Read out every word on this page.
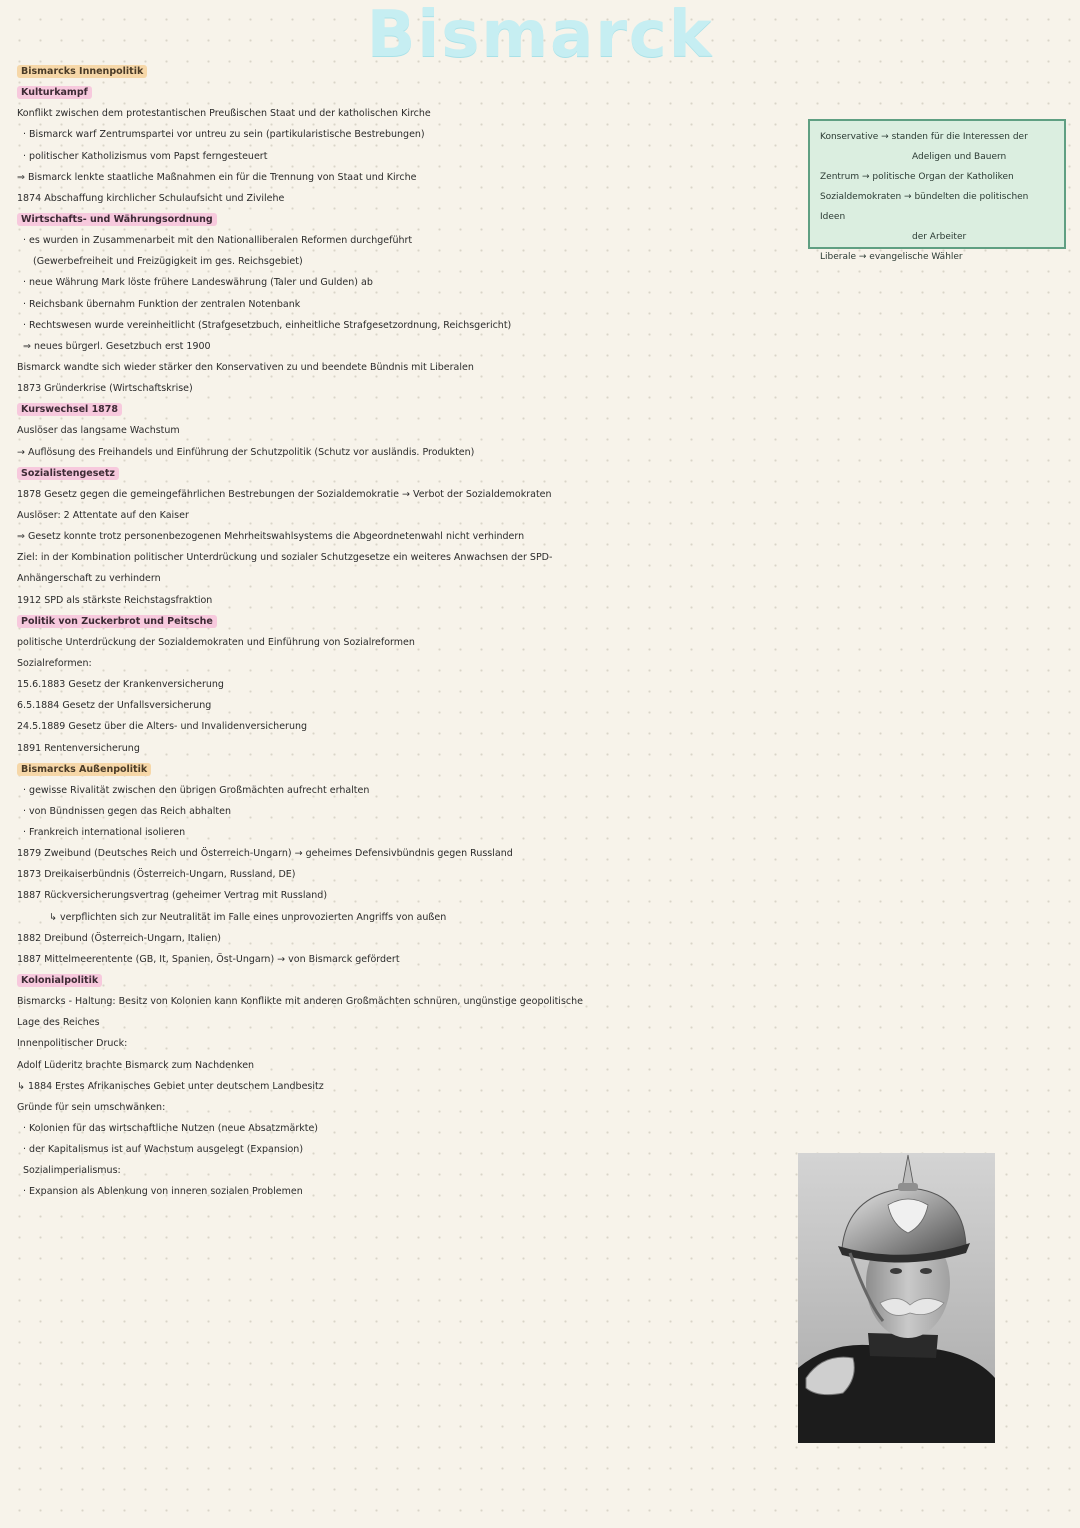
Bismarck
Bismarcks Innenpolitik
Kulturkampf
Konflikt zwischen dem protestantischen Preußischen Staat und der katholischen Kirche
· Bismarck warf Zentrumspartei vor untreu zu sein (partikularistische Bestrebungen)
· politischer Katholizismus vom Papst ferngesteuert
⇒ Bismarck lenkte staatliche Maßnahmen ein für die Trennung von Staat und Kirche
1874 Abschaffung kirchlicher Schulaufsicht und Zivilehe
Wirtschafts- und Währungsordnung
· es wurden in Zusammenarbeit mit den Nationalliberalen Reformen durchgeführt
(Gewerbefreiheit und Freizügigkeit im ges. Reichsgebiet)
· neue Währung Mark löste frühere Landeswährung (Taler und Gulden) ab
· Reichsbank übernahm Funktion der zentralen Notenbank
· Rechtswesen wurde vereinheitlicht (Strafgesetzbuch, einheitliche Strafgesetzordnung, Reichsgericht)
⇒ neues bürgerl. Gesetzbuch erst 1900
Bismarck wandte sich wieder stärker den Konservativen zu und beendete Bündnis mit Liberalen
1873 Gründerkrise (Wirtschaftskrise)
Kurswechsel 1878
Auslöser das langsame Wachstum
→ Auflösung des Freihandels und Einführung der Schutzpolitik (Schutz vor ausländis. Produkten)
Sozialistengesetz
1878 Gesetz gegen die gemeingefährlichen Bestrebungen der Sozialdemokratie → Verbot der Sozialdemokraten
Auslöser: 2 Attentate auf den Kaiser
⇒ Gesetz konnte trotz personenbezogenen Mehrheitswahlsystems die Abgeordnetenwahl nicht verhindern
Ziel: in der Kombination politischer Unterdrückung und sozialer Schutzgesetze ein weiteres Anwachsen der SPD-
Anhängerschaft zu verhindern
1912 SPD als stärkste Reichstagsfraktion
Politik von Zuckerbrot und Peitsche
politische Unterdrückung der Sozialdemokraten und Einführung von Sozialreformen
Sozialreformen:
15.6.1883 Gesetz der Krankenversicherung
6.5.1884 Gesetz der Unfallsversicherung
24.5.1889 Gesetz über die Alters- und Invalidenversicherung
1891 Rentenversicherung
Bismarcks Außenpolitik
· gewisse Rivalität zwischen den übrigen Großmächten aufrecht erhalten
· von Bündnissen gegen das Reich abhalten
· Frankreich international isolieren
1879 Zweibund (Deutsches Reich und Österreich-Ungarn) → geheimes Defensivbündnis gegen Russland
1873 Dreikaiserbündnis (Österreich-Ungarn, Russland, DE)
1887 Rückversicherungsvertrag (geheimer Vertrag mit Russland)
↳ verpflichten sich zur Neutralität im Falle eines unprovozierten Angriffs von außen
1882 Dreibund (Österreich-Ungarn, Italien)
1887 Mittelmeerentente (GB, It, Spanien, Öst-Ungarn) → von Bismarck gefördert
Kolonialpolitik
Bismarcks - Haltung: Besitz von Kolonien kann Konflikte mit anderen Großmächten schnüren, ungünstige geopolitische
Lage des Reiches
Innenpolitischer Druck:
Adolf Lüderitz brachte Bismarck zum Nachdenken
↳ 1884 Erstes Afrikanisches Gebiet unter deutschem Landbesitz
Gründe für sein umschwänken:
· Kolonien für das wirtschaftliche Nutzen (neue Absatzmärkte)
· der Kapitalismus ist auf Wachstum ausgelegt (Expansion)
Sozialimperialismus:
· Expansion als Ablenkung von inneren sozialen Problemen
Konservative → standen für die Interessen der
Adeligen und Bauern
Zentrum → politische Organ der Katholiken
Sozialdemokraten → bündelten die politischen Ideen
der Arbeiter
Liberale → evangelische Wähler
